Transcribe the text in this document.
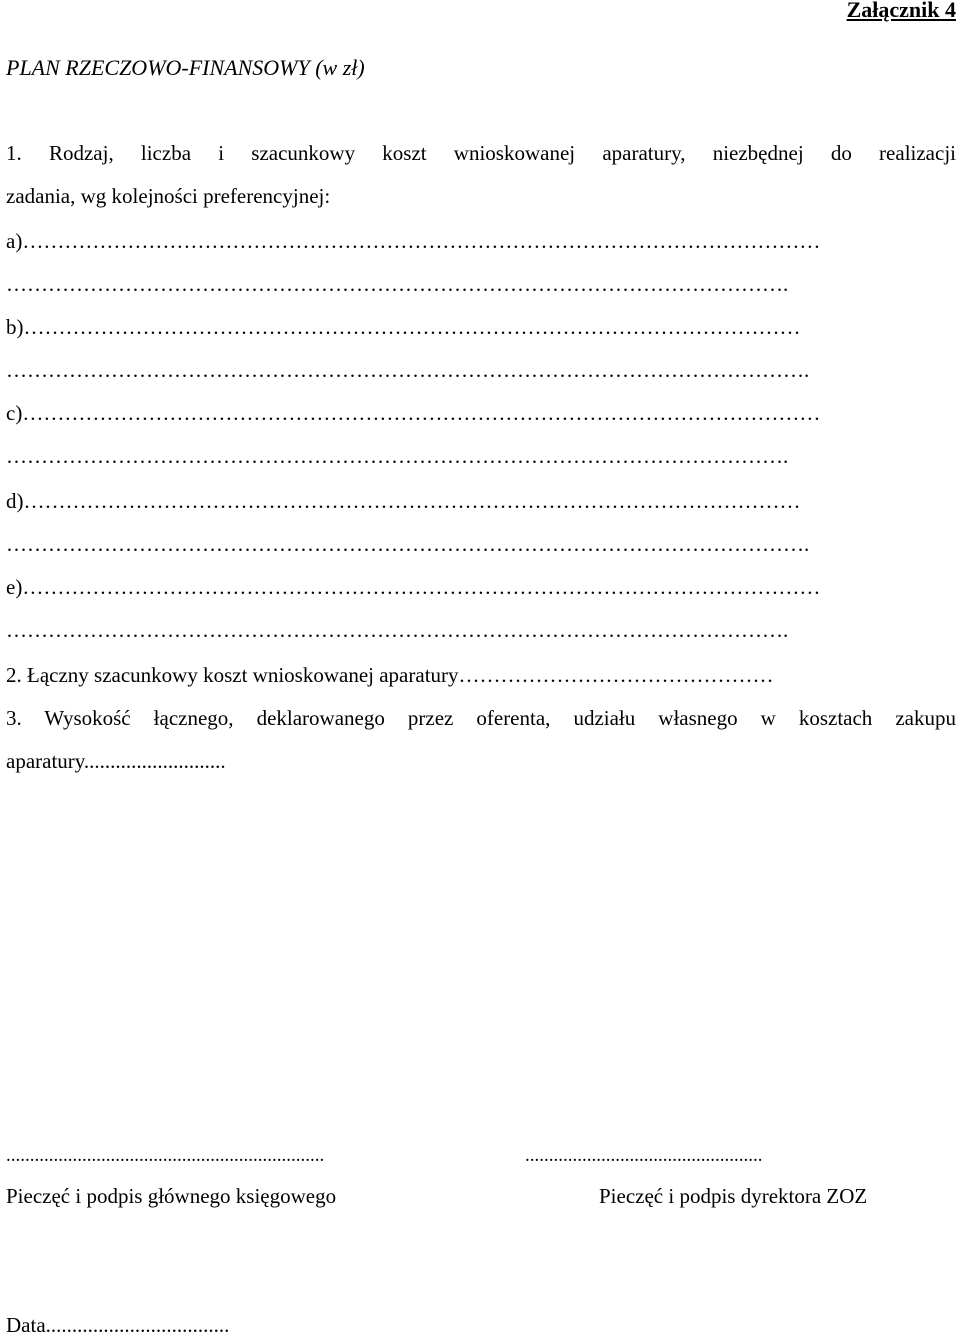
Załącznik 4
PLAN RZECZOWO-FINANSOWY (w zł)
1. Rodzaj, liczba i szacunkowy koszt wnioskowanej aparatury, niezbędnej do realizacji
zadania, wg kolejności preferencyjnej:
a)……………………………………………………………………………………………………
………………………………………………………………………………………………….
b)…………………………………………………………………………………………………
…………………………………………………………………………………………………….
c)……………………………………………………………………………………………………
………………………………………………………………………………………………….
d)…………………………………………………………………………………………………
…………………………………………………………………………………………………….
e)……………………………………………………………………………………………………
………………………………………………………………………………………………….
2. Łączny szacunkowy koszt wnioskowanej aparatury………………………………………
3. Wysokość łącznego, deklarowanego przez oferenta, udziału własnego w kosztach zakupu
aparatury...........................
...................................................................	..................................................
Pieczęć i podpis głównego księgowego	Pieczęć i podpis dyrektora ZOZ
Data...................................
